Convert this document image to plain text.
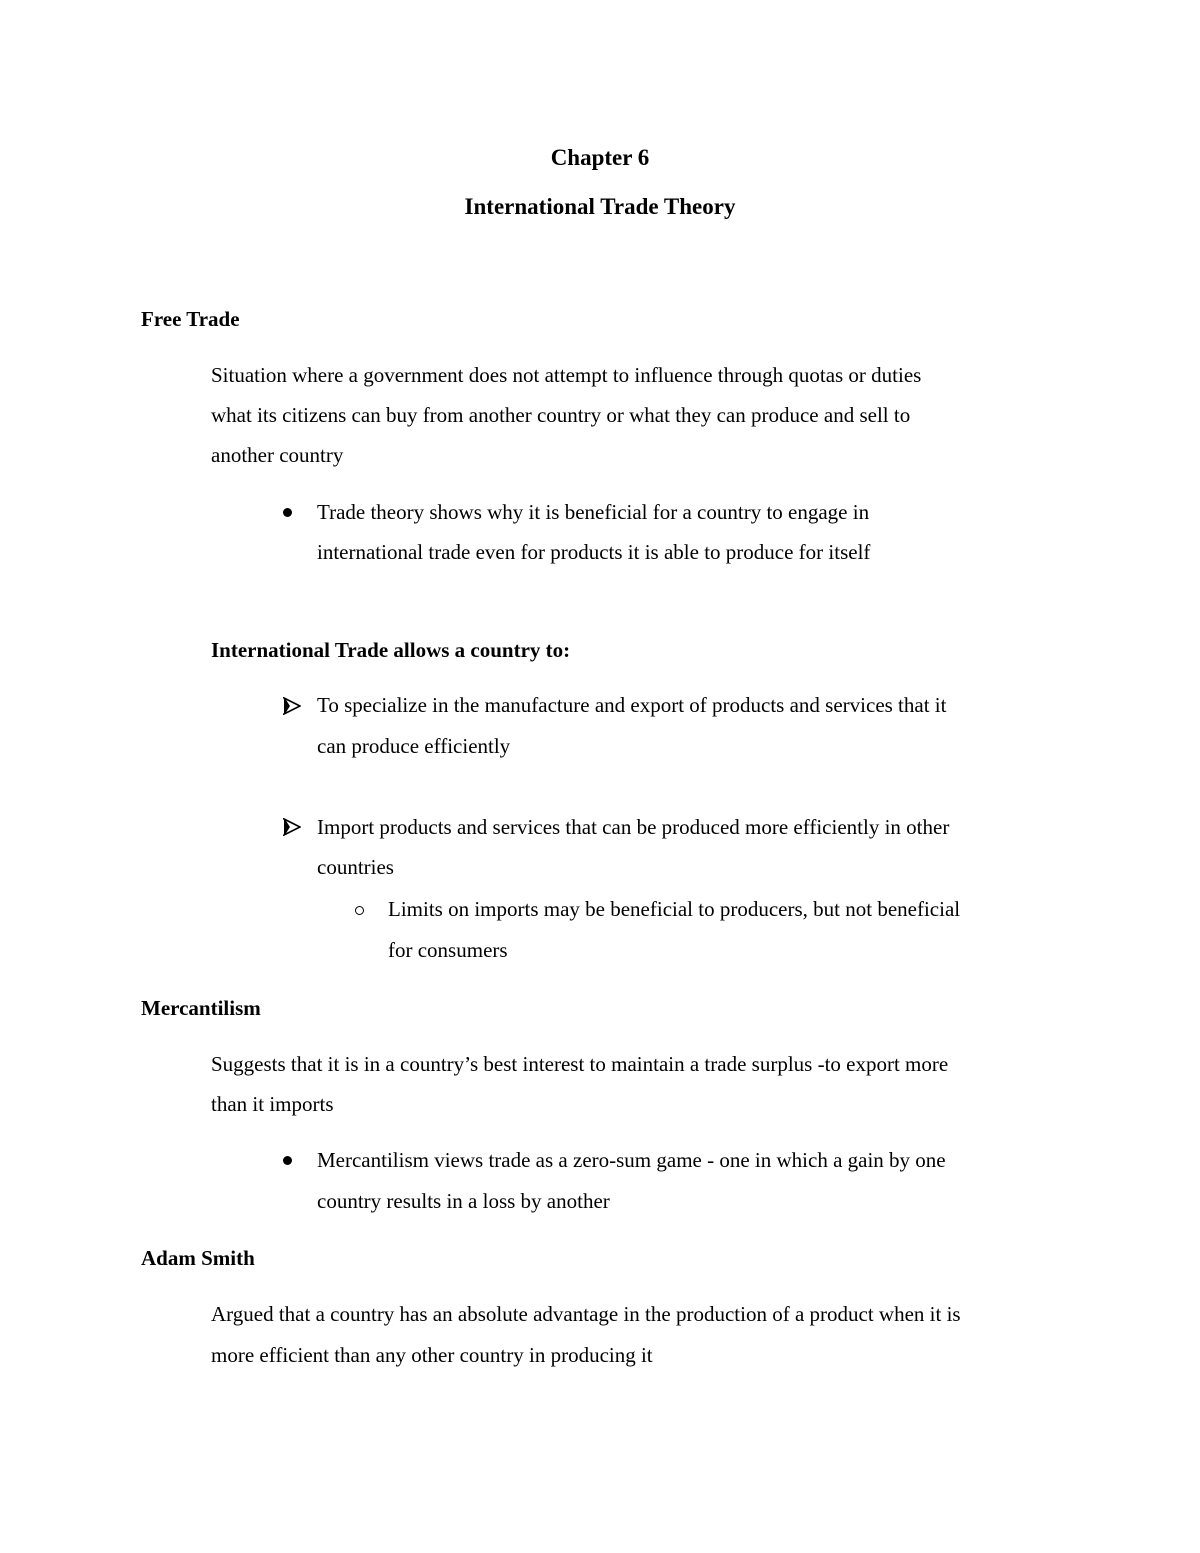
Chapter 6
International Trade Theory
Free Trade
Situation where a government does not attempt to influence through quotas or duties
what its citizens can buy from another country or what they can produce and sell to
another country
Trade theory shows why it is beneficial for a country to engage in
international trade even for products it is able to produce for itself
International Trade allows a country to:
To specialize in the manufacture and export of products and services that it
can produce efficiently
Import products and services that can be produced more efficiently in other
countries
Limits on imports may be beneficial to producers, but not beneficial
for consumers
Mercantilism
Suggests that it is in a country’s best interest to maintain a trade surplus -to export more
than it imports
Mercantilism views trade as a zero-sum game - one in which a gain by one
country results in a loss by another
Adam Smith
Argued that a country has an absolute advantage in the production of a product when it is
more efficient than any other country in producing it
